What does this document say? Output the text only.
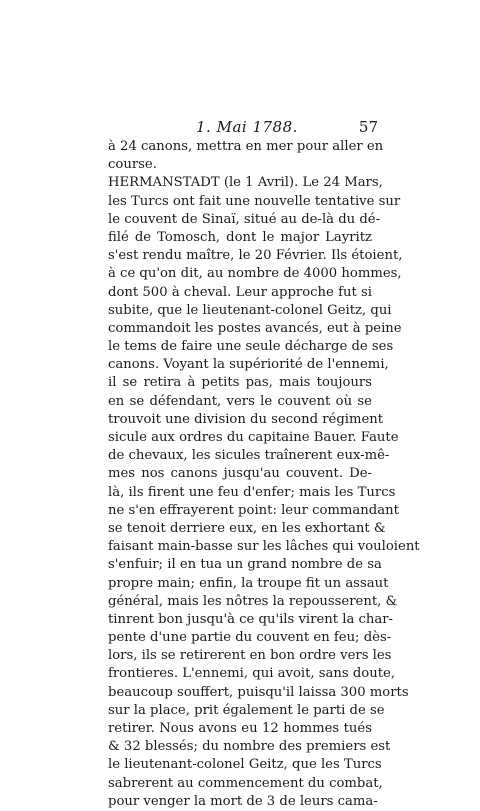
1. Mai 1788.	57
à 24 canons, mettra en mer pour aller en
course.
HERMANSTADT (le 1 Avril). Le 24 Mars,
les Turcs ont fait une nouvelle tentative sur
le couvent de Sinaï, situé au de-là du dé-
filé de Tomosch, dont le major Layritz
s'est rendu maître, le 20 Février. Ils étoient,
à ce qu'on dit, au nombre de 4000 hommes,
dont 500 à cheval. Leur approche fut si
subite, que le lieutenant-colonel Geitz, qui
commandoit les postes avancés, eut à peine
le tems de faire une seule décharge de ses
canons. Voyant la supériorité de l'ennemi,
il se retira à petits pas, mais toujours
en se défendant, vers le couvent où se
trouvoit une division du second régiment
sicule aux ordres du capitaine Bauer. Faute
de chevaux, les sicules traînerent eux-mê-
mes nos canons jusqu'au couvent. De-
là, ils firent une feu d'enfer; mais les Turcs
ne s'en effrayerent point: leur commandant
se tenoit derriere eux, en les exhortant &
faisant main-basse sur les lâches qui vouloient
s'enfuir; il en tua un grand nombre de sa
propre main; enfin, la troupe fit un assaut
général, mais les nôtres la repousserent, &
tinrent bon jusqu'à ce qu'ils virent la char-
pente d'une partie du couvent en feu; dès-
lors, ils se retirerent en bon ordre vers les
frontieres. L'ennemi, qui avoit, sans doute,
beaucoup souffert, puisqu'il laissa 300 morts
sur la place, prit également le parti de se
retirer. Nous avons eu 12 hommes tués
& 32 blessés; du nombre des premiers est
le lieutenant-colonel Geitz, que les Turcs
sabrerent au commencement du combat,
pour venger la mort de 3 de leurs cama-
